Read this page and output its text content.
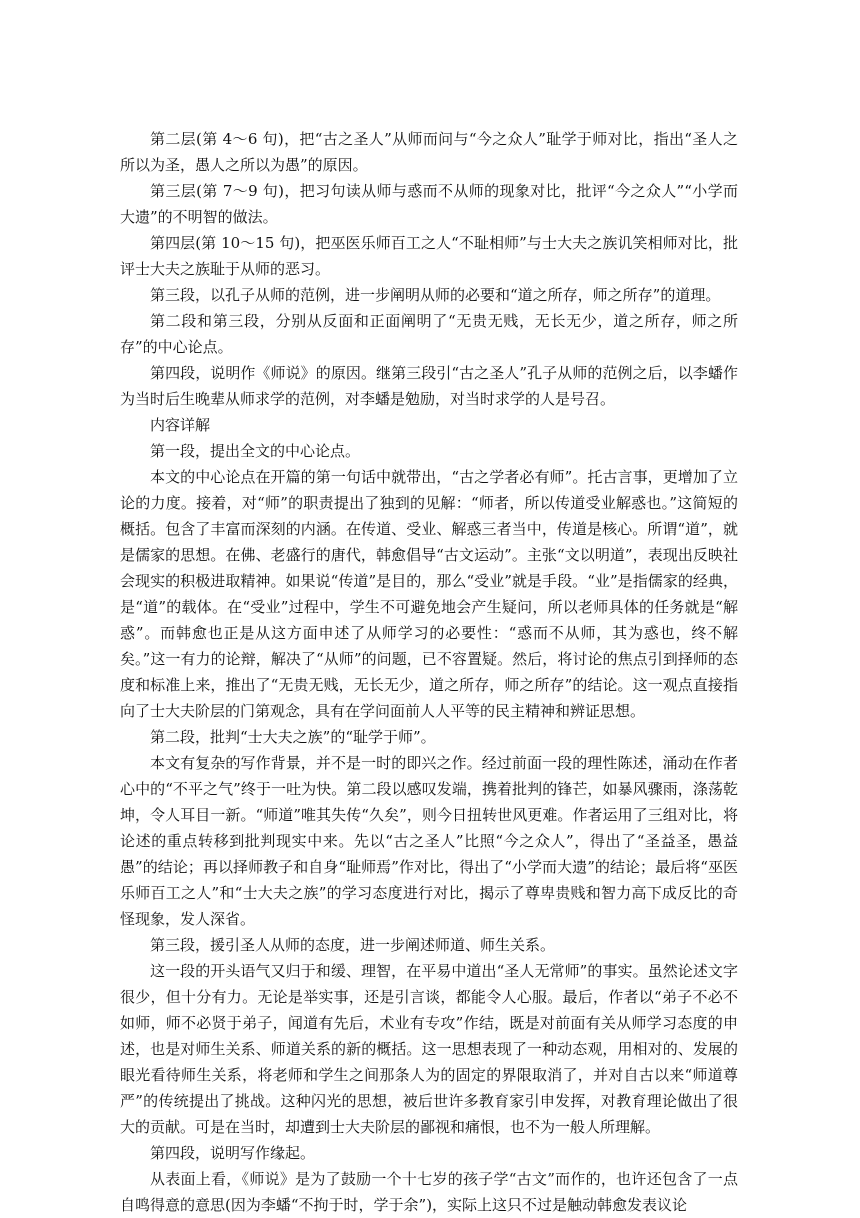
第二层(第 4～6 句)，把“古之圣人”从师而问与“今之众人”耻学于师对比，指出“圣人之所以为圣，愚人之所以为愚”的原因。

第三层(第 7～9 句)，把习句读从师与惑而不从师的现象对比，批评“今之众人”“小学而大遗”的不明智的做法。

第四层(第 10～15 句)，把巫医乐师百工之人“不耻相师”与士大夫之族讥笑相师对比，批评士大夫之族耻于从师的恶习。

第三段，以孔子从师的范例，进一步阐明从师的必要和“道之所存，师之所存”的道理。

第二段和第三段，分别从反面和正面阐明了“无贵无贱，无长无少，道之所存，师之所存”的中心论点。

第四段，说明作《师说》的原因。继第三段引“古之圣人”孔子从师的范例之后，以李蟠作为当时后生晚辈从师求学的范例，对李蟠是勉励，对当时求学的人是号召。

内容详解

第一段，提出全文的中心论点。

本文的中心论点在开篇的第一句话中就带出，“古之学者必有师”。托古言事，更增加了立论的力度。接着，对“师”的职责提出了独到的见解：“师者，所以传道受业解惑也。”这简短的概括。包含了丰富而深刻的内涵。在传道、受业、解惑三者当中，传道是核心。所谓“道”，就是儒家的思想。在佛、老盛行的唐代，韩愈倡导“古文运动”。主张“文以明道”，表现出反映社会现实的积极进取精神。如果说“传道”是目的，那么“受业”就是手段。“业”是指儒家的经典，是“道”的载体。在“受业”过程中，学生不可避免地会产生疑问，所以老师具体的任务就是“解惑”。而韩愈也正是从这方面申述了从师学习的必要性：“惑而不从师，其为惑也，终不解矣。”这一有力的论辩，解决了“从师”的问题，已不容置疑。然后，将讨论的焦点引到择师的态度和标准上来，推出了“无贵无贱，无长无少，道之所存，师之所存”的结论。这一观点直接指向了士大夫阶层的门第观念，具有在学问面前人人平等的民主精神和辨证思想。

第二段，批判“士大夫之族”的“耻学于师”。

本文有复杂的写作背景，并不是一时的即兴之作。经过前面一段的理性陈述，涌动在作者心中的“不平之气”终于一吐为快。第二段以感叹发端，携着批判的锋芒，如暴风骤雨，涤荡乾坤，令人耳目一新。“师道”唯其失传“久矣”，则今日扭转世风更难。作者运用了三组对比，将论述的重点转移到批判现实中来。先以“古之圣人”比照“今之众人”，得出了“圣益圣，愚益愚”的结论；再以择师教子和自身“耻师焉”作对比，得出了“小学而大遗”的结论；最后将“巫医乐师百工之人”和“士大夫之族”的学习态度进行对比，揭示了尊卑贵贱和智力高下成反比的奇怪现象，发人深省。

第三段，援引圣人从师的态度，进一步阐述师道、师生关系。

这一段的开头语气又归于和缓、理智，在平易中道出“圣人无常师”的事实。虽然论述文字很少，但十分有力。无论是举实事，还是引言谈，都能令人心服。最后，作者以“弟子不必不如师，师不必贤于弟子，闻道有先后，术业有专攻”作结，既是对前面有关从师学习态度的申述，也是对师生关系、师道关系的新的概括。这一思想表现了一种动态观，用相对的、发展的眼光看待师生关系，将老师和学生之间那条人为的固定的界限取消了，并对自古以来“师道尊严”的传统提出了挑战。这种闪光的思想，被后世许多教育家引申发挥，对教育理论做出了很大的贡献。可是在当时，却遭到士大夫阶层的鄙视和痛恨，也不为一般人所理解。

第四段，说明写作缘起。

从表面上看，《师说》是为了鼓励一个十七岁的孩子学“古文”而作的，也许还包含了一点自鸣得意的意思(因为李蟠“不拘于时，学于余”)，实际上这只不过是触动韩愈发表议论
